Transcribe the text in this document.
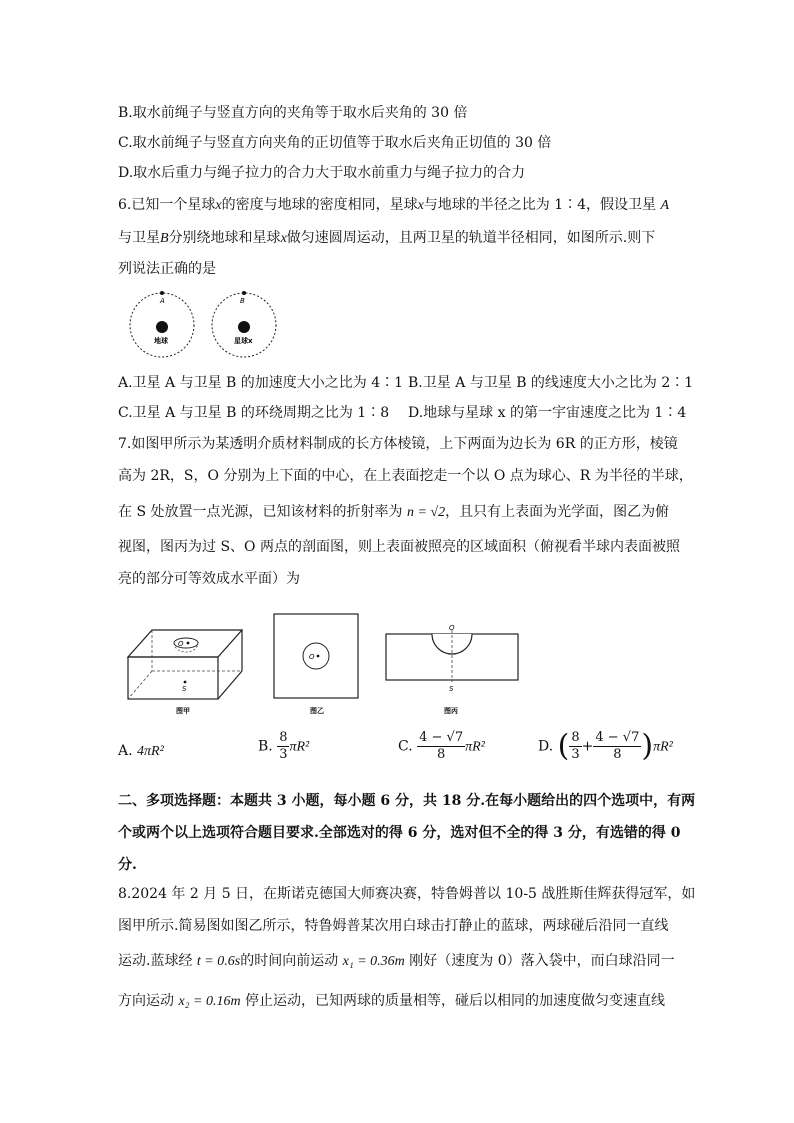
B.取水前绳子与竖直方向的夹角等于取水后夹角的 30 倍
C.取水前绳子与竖直方向夹角的正切值等于取水后夹角正切值的 30 倍
D.取水后重力与绳子拉力的合力大于取水前重力与绳子拉力的合力
6.已知一个星球x的密度与地球的密度相同，星球x与地球的半径之比为 1∶4，假设卫星 A
与卫星B分别绕地球和星球x做匀速圆周运动，且两卫星的轨道半径相同，如图所示.则下
列说法正确的是
A
地球
B
星球x
A.卫星 A 与卫星 B 的加速度大小之比为 4∶1 B.卫星 A 与卫星 B 的线速度大小之比为 2∶1
C.卫星 A 与卫星 B 的环绕周期之比为 1∶8 D.地球与星球 x 的第一宇宙速度之比为 1∶4
7.如图甲所示为某透明介质材料制成的长方体棱镜，上下两面为边长为 6R 的正方形，棱镜
高为 2R，S，O 分别为上下面的中心，在上表面挖走一个以 O 点为球心、R 为半径的半球，
在 S 处放置一点光源，已知该材料的折射率为 n = √2，且只有上表面为光学面，图乙为俯
视图，图丙为过 S、O 两点的剖面图，则上表面被照亮的区域面积（俯视看半球内表面被照
亮的部分可等效成水平面）为
O
S
图甲
O
图乙
O
S
图丙
A. 4πR²	B. $\frac{8}{3} \pi R^2$	C. $\frac{4 - √7}{8} \pi R^2$	D. ( $\frac{8}{3} + \frac{4 - √7}{8} )\pi R^2$
二、多项选择题：本题共 3 小题，每小题 6 分，共 18 分.在每小题给出的四个选项中，有两
个或两个以上选项符合题目要求.全部选对的得 6 分，选对但不全的得 3 分，有选错的得 0
分.
8.2024 年 2 月 5 日，在斯诺克德国大师赛决赛，特鲁姆普以 10-5 战胜斯佳辉获得冠军，如
图甲所示.简易图如图乙所示，特鲁姆普某次用白球击打静止的蓝球，两球碰后沿同一直线
运动.蓝球经 t = 0.6s的时间向前运动 x₁ = 0.36m 刚好（速度为 0）落入袋中，而白球沿同一
方向运动 x₂ = 0.16m 停止运动，已知两球的质量相等，碰后以相同的加速度做匀变速直线
